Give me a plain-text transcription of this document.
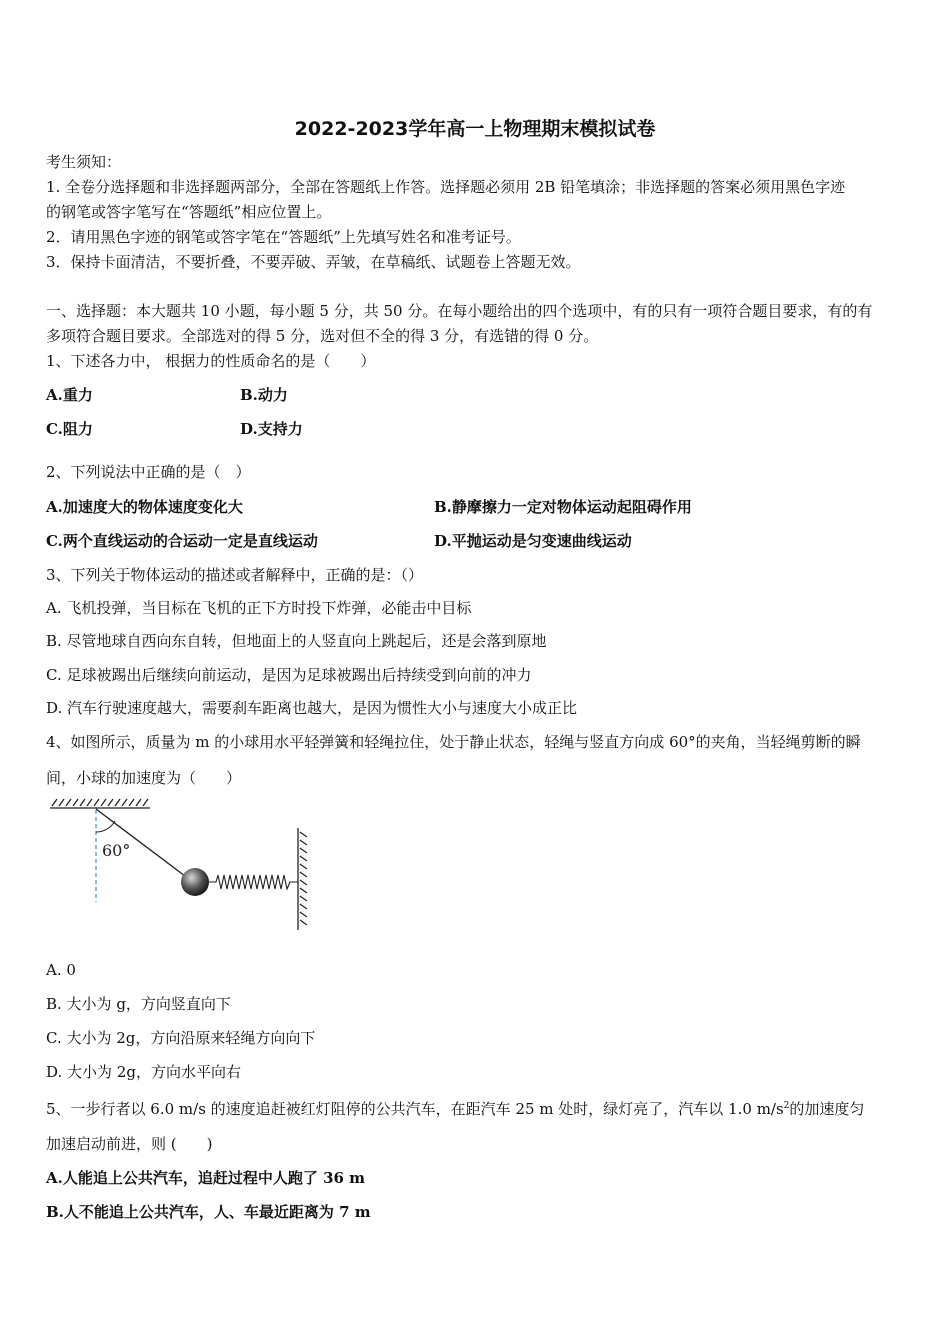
2022-2023学年高一上物理期末模拟试卷
考生须知：
1. 全卷分选择题和非选择题两部分，全部在答题纸上作答。选择题必须用 2B 铅笔填涂；非选择题的答案必须用黑色字迹
的钢笔或答字笔写在“答题纸”相应位置上。
2．请用黑色字迹的钢笔或答字笔在“答题纸”上先填写姓名和准考证号。
3．保持卡面清洁，不要折叠，不要弄破、弄皱，在草稿纸、试题卷上答题无效。
一、选择题：本大题共 10 小题，每小题 5 分，共 50 分。在每小题给出的四个选项中，有的只有一项符合题目要求，有的有
多项符合题目要求。全部选对的得 5 分，选对但不全的得 3 分，有选错的得 0 分。
1、下述各力中， 根据力的性质命名的是（　　）
A.重力	B.动力
C.阻力	D.支持力
2、下列说法中正确的是（　）
A.加速度大的物体速度变化大	B.静摩擦力一定对物体运动起阻碍作用
C.两个直线运动的合运动一定是直线运动	D.平抛运动是匀变速曲线运动
3、下列关于物体运动的描述或者解释中，正确的是：（）
A. 飞机投弹，当目标在飞机的正下方时投下炸弹，必能击中目标
B. 尽管地球自西向东自转，但地面上的人竖直向上跳起后，还是会落到原地
C. 足球被踢出后继续向前运动，是因为足球被踢出后持续受到向前的冲力
D. 汽车行驶速度越大，需要刹车距离也越大，是因为惯性大小与速度大小成正比
4、如图所示，质量为 m 的小球用水平轻弹簧和轻绳拉住，处于静止状态，轻绳与竖直方向成 60°的夹角，当轻绳剪断的瞬
间，小球的加速度为（　　）
60°
A. 0
B. 大小为 g，方向竖直向下
C. 大小为 2g，方向沿原来轻绳方向向下
D. 大小为 2g，方向水平向右
5、一步行者以 6.0 m/s 的速度追赶被红灯阻停的公共汽车，在距汽车 25 m 处时，绿灯亮了，汽车以 1.0 $m/s^2$的加速度匀
加速启动前进，则 (　　)
A.人能追上公共汽车，追赶过程中人跑了 36 m
B.人不能追上公共汽车，人、车最近距离为 7 m
